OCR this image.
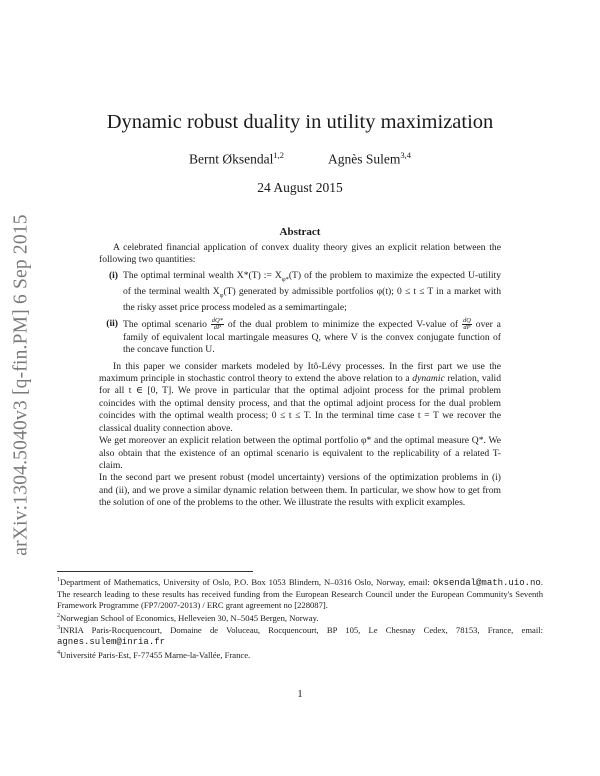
arXiv:1304.5040v3 [q-fin.PM] 6 Sep 2015
Dynamic robust duality in utility maximization
Bernt Øksendal$^{1,2}$	Agnès Sulem$^{3,4}$
24 August 2015
Abstract

A celebrated financial application of convex duality theory gives an explicit relation between the following two quantities:

(i) The optimal terminal wealth X*(T) := $X_{\varphi*}(T)$ of the problem to maximize the expected U-utility of the terminal wealth $X_\varphi(T)$ generated by admissible portfolios φ(t); 0 ≤ t ≤ T in a market with the risky asset price process modeled as a semimartingale;
(ii) The optimal scenario $\frac{dQ*}{dP}$ of the dual problem to minimize the expected V-value of $\frac{dQ}{dP}$ over a family of equivalent local martingale measures Q, where V is the convex conjugate function of the concave function U.

In this paper we consider markets modeled by Itô-Lévy processes. In the first part we use the maximum principle in stochastic control theory to extend the above relation to a dynamic relation, valid for all t ∈ [0, T]. We prove in particular that the optimal adjoint process for the primal problem coincides with the optimal density process, and that the optimal adjoint process for the dual problem coincides with the optimal wealth process; 0 ≤ t ≤ T. In the terminal time case t = T we recover the classical duality connection above.

We get moreover an explicit relation between the optimal portfolio φ* and the optimal measure Q*. We also obtain that the existence of an optimal scenario is equivalent to the replicability of a related T-claim.

In the second part we present robust (model uncertainty) versions of the optimization problems in (i) and (ii), and we prove a similar dynamic relation between them. In particular, we show how to get from the solution of one of the problems to the other. We illustrate the results with explicit examples.

$^1$Department of Mathematics, University of Oslo, P.O. Box 1053 Blindern, N–0316 Oslo, Norway, email: oksendal@math.uio.no. The research leading to these results has received funding from the European Research Council under the European Community's Seventh Framework Programme (FP7/2007-2013) / ERC grant agreement no [228087].

$^2$Norwegian School of Economics, Helleveien 30, N–5045 Bergen, Norway.

$^3$INRIA Paris-Rocquencourt, Domaine de Voluceau, Rocquencourt, BP 105, Le Chesnay Cedex, 78153, France, email: agnes.sulem@inria.fr

$^4$Université Paris-Est, F-77455 Marne-la-Vallée, France.

1
